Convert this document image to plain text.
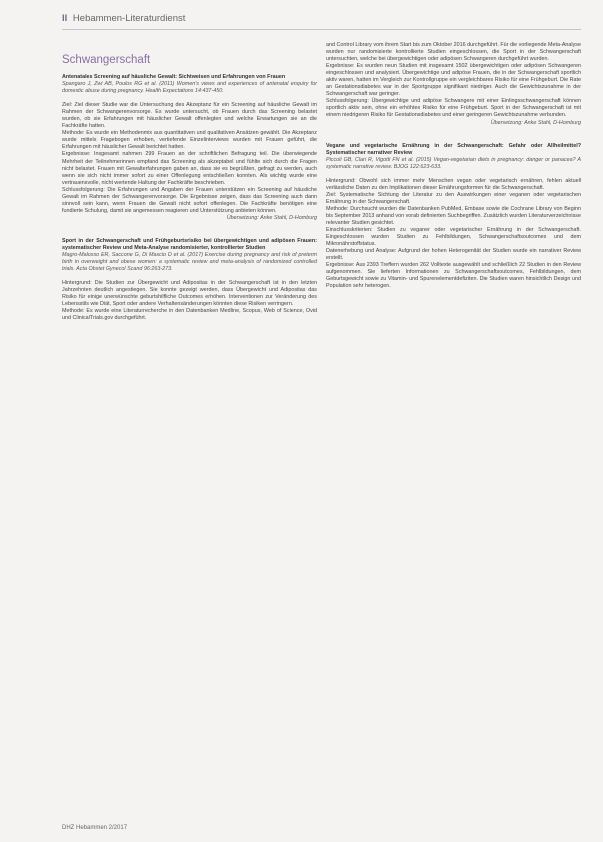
II Hebammen-Literaturdienst
Schwangerschaft
Antenatales Screening auf häusliche Gewalt: Sichtweisen und Erfahrungen von Frauen

Spangaro J, Zwi AB, Poulos RG et al. (2011) Women's views and experiences of antenatal enquiry for domestic abuse during pregnancy. Health Expectations 14:437-450.

Ziel: Ziel dieser Studie war die Untersuchung des Akzeptanz für ein Screening auf häusliche Gewalt im Rahmen der Schwangerenvorsorge. Es wurde untersucht, ob Frauen durch das Screening belastet wurden, ob sie Erfahrungen mit häuslicher Gewalt offenlegten und welche Erwartungen sie an die Fachkräfte hatten.

Methode: Es wurde ein Methodenmix aus quantitativen und qualitativen Ansätzen gewählt. Die Akzeptanz wurde mittels Fragebogen erhoben, vertiefende Einzelinterviews wurden mit Frauen geführt, die Erfahrungen mit häuslicher Gewalt berichtet hatten.

Ergebnisse: Insgesamt nahmen 299 Frauen an der schriftlichen Befragung teil. Die überwiegende Mehrheit der Teilnehmerinnen empfand das Screening als akzeptabel und fühlte sich durch die Fragen nicht belastet. Frauen mit Gewalterfahrungen gaben an, dass sie es begrüßten, gefragt zu werden, auch wenn sie sich nicht immer sofort zu einer Offenlegung entschließen konnten. Als wichtig wurde eine vertrauensvolle, nicht wertende Haltung der Fachkräfte beschrieben.

Schlussfolgerung: Die Erfahrungen und Angaben der Frauen unterstützen ein Screening auf häusliche Gewalt im Rahmen der Schwangerenvorsorge. Die Ergebnisse zeigen, dass das Screening auch dann sinnvoll sein kann, wenn Frauen die Gewalt nicht sofort offenlegen. Die Fachkräfte benötigen eine fundierte Schulung, damit sie angemessen reagieren und Unterstützung anbieten können.

Übersetzung: Anke Stahl, D-Homburg

Sport in der Schwangerschaft und Frühgeburtsrisiko bei übergewichtigen und adipösen Frauen: systematischer Review und Meta-Analyse randomisierter, kontrollierter Studien

Magro-Malosso ER, Saccone G, Di Mascio D et al. (2017) Exercise during pregnancy and risk of preterm birth in overweight and obese women: a systematic review and meta-analysis of randomized controlled trials. Acta Obstet Gynecol Scand 96:263-273.

Hintergrund: Die Studien zur Übergewicht und Adipositas in der Schwangerschaft ist in den letzten Jahrzehnten deutlich angestiegen. Sie konnte gezeigt werden, dass Übergewicht und Adipositas das Risiko für einige unerwünschte geburtshilfliche Outcomes erhöhen. Interventionen zur Veränderung des Lebensstils wie Diät, Sport oder andere Verhaltensänderungen könnten diese Risiken verringern.

Methode: Es wurde eine Literaturrecherche in den Datenbanken Medline, Scopus, Web of Science, Ovid und ClinicalTrials.gov durchgeführt.

and Control Library vom ihrem Start bis zum Oktober 2016 durchgeführt. Für die vorliegende Meta-Analyse wurden nur randomisierte kontrollierte Studien eingeschlossen, die Sport in der Schwangerschaft untersuchten, welche bei übergewichtigen oder adipösen Schwangeren durchgeführt wurden.

Ergebnisse: Es wurden neun Studien mit insgesamt 1502 übergewichtigen oder adipösen Schwangeren eingeschlossen und analysiert. Übergewichtige und adipöse Frauen, die in der Schwangerschaft sportlich aktiv waren, hatten im Vergleich zur Kontrollgruppe ein vergleichbares Risiko für eine Frühgeburt. Die Rate an Gestationsdiabetes war in der Sportgruppe signifikant niedriger. Auch die Gewichtszunahme in der Schwangerschaft war geringer.

Schlussfolgerung: Übergewichtige und adipöse Schwangere mit einer Einlingsschwangerschaft können sportlich aktiv sein, ohne ein erhöhtes Risiko für eine Frühgeburt. Sport in der Schwangerschaft ist mit einem niedrigeren Risiko für Gestationsdiabetes und einer geringeren Gewichtszunahme verbunden.

Übersetzung: Anke Stahl, D-Homburg

Vegane und vegetarische Ernährung in der Schwangerschaft: Gefahr oder Allheilmittel? Systematischer narrativer Review

Piccoli GB, Clari R, Vigotti FN et al. (2015) Vegan-vegetarian diets in pregnancy: danger or panacea? A systematic narrative review. BJOG 122:623-633.

Hintergrund: Obwohl sich immer mehr Menschen vegan oder vegetarisch ernähren, fehlen aktuell verlässliche Daten zu den Implikationen dieser Ernährungsformen für die Schwangerschaft.

Ziel: Systematische Sichtung der Literatur zu den Auswirkungen einer veganen oder vegetarischen Ernährung in der Schwangerschaft.

Methode: Durchsucht wurden die Datenbanken PubMed, Embase sowie die Cochrane Library von Beginn bis September 2013 anhand von vorab definierten Suchbegriffen. Zusätzlich wurden Literaturverzeichnisse relevanter Studien gesichtet.

Einschlusskriterien: Studien zu veganer oder vegetarischer Ernährung in der Schwangerschaft. Eingeschlossen wurden Studien zu Fehlbildungen, Schwangerschaftsoutcomes und dem Mikronährstoffstatus.

Datenerhebung und Analyse: Aufgrund der hohen Heterogenität der Studien wurde ein narrativer Review erstellt.

Ergebnisse: Aus 2393 Treffern wurden 262 Volltexte ausgewählt und schließlich 22 Studien in den Review aufgenommen. Sie lieferten Informationen zu Schwangerschaftsoutcomes, Fehlbildungen, dem Geburtsgewicht sowie zu Vitamin- und Spurenelementdefiziten. Die Studien waren hinsichtlich Design und Population sehr heterogen.

DHZ Hebammen 2/2017
